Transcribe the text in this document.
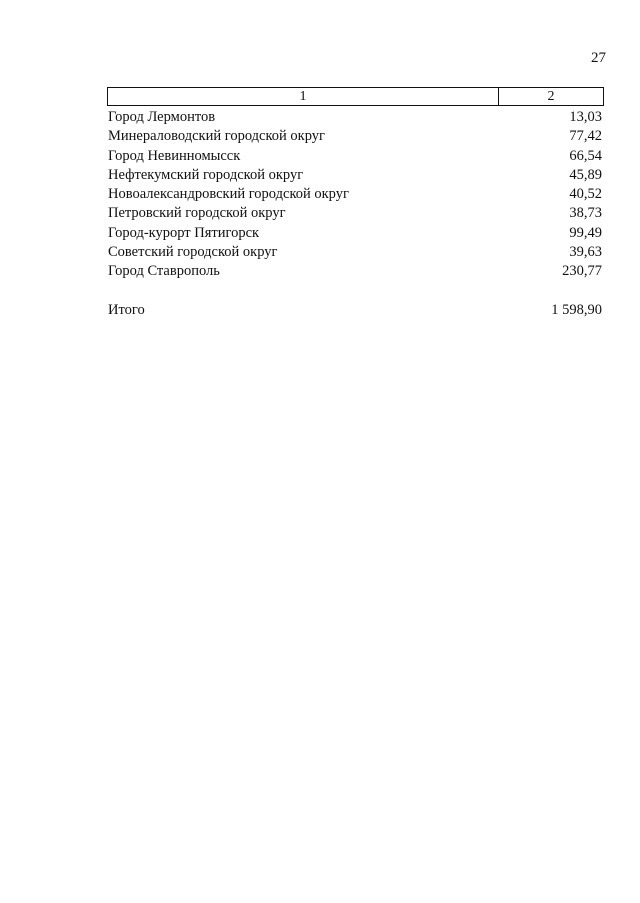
27
1	2
Город Лермонтов	13,03
Минераловодский городской округ	77,42
Город Невинномысск	66,54
Нефтекумский городской округ	45,89
Новоалександровский городской округ	40,52
Петровский городской округ	38,73
Город-курорт Пятигорск	99,49
Советский городской округ	39,63
Город Ставрополь	230,77
Итого	1 598,90
